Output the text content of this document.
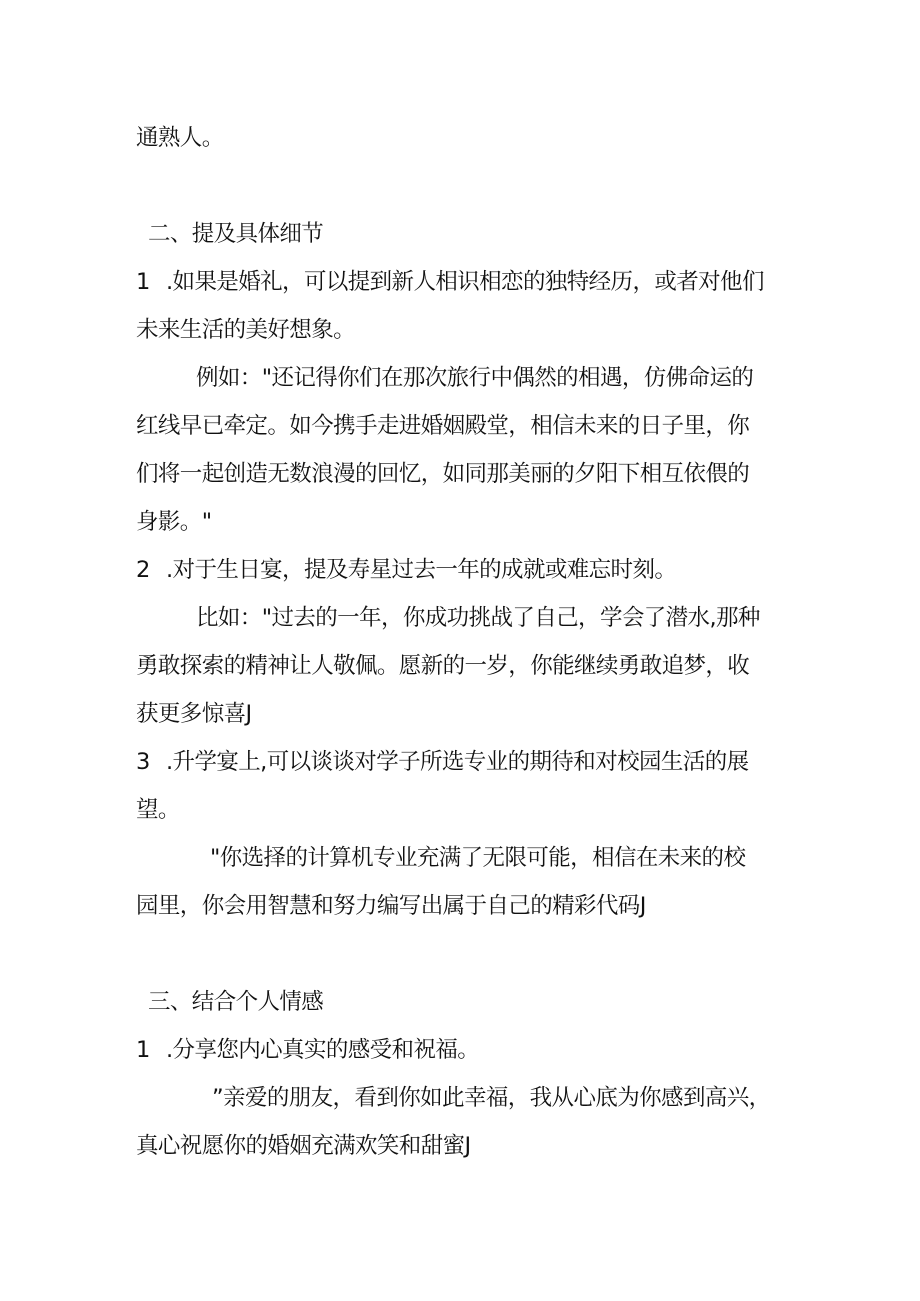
通熟人。
二、提及具体细节
1 .如果是婚礼，可以提到新人相识相恋的独特经历，或者对他们
未来生活的美好想象。
例如："还记得你们在那次旅行中偶然的相遇，仿佛命运的
红线早已牵定。如今携手走进婚姻殿堂，相信未来的日子里，你
们将一起创造无数浪漫的回忆，如同那美丽的夕阳下相互依偎的
身影。"
2 .对于生日宴，提及寿星过去一年的成就或难忘时刻。
比如："过去的一年，你成功挑战了自己，学会了潜水,那种
勇敢探索的精神让人敬佩。愿新的一岁，你能继续勇敢追梦，收
获更多惊喜J
3 .升学宴上,可以谈谈对学子所选专业的期待和对校园生活的展
望。
"你选择的计算机专业充满了无限可能，相信在未来的校
园里，你会用智慧和努力编写出属于自己的精彩代码J
三、结合个人情感
1 .分享您内心真实的感受和祝福。
”亲爱的朋友，看到你如此幸福，我从心底为你感到高兴，
真心祝愿你的婚姻充满欢笑和甜蜜J
